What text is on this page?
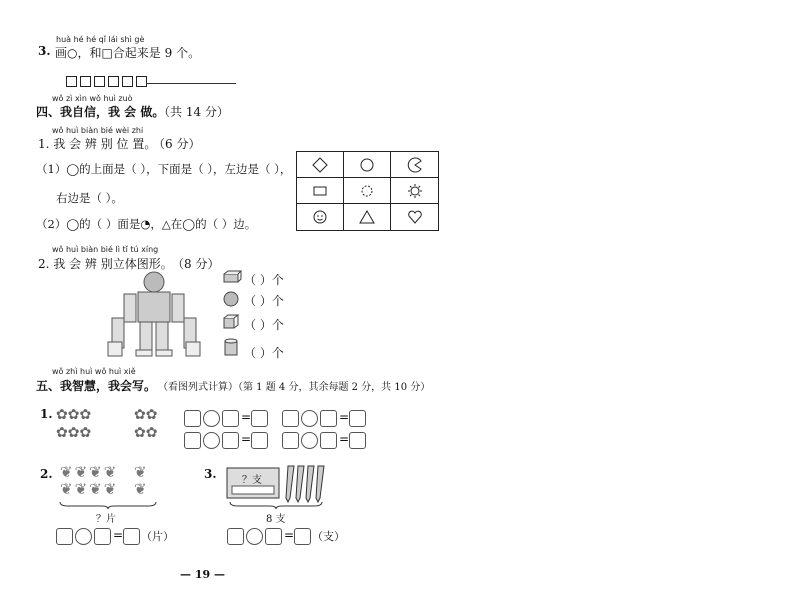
huà hé hé qǐ lái shì gè
3. 画○，和□合起来是 9 个。
wǒ zì xìn wǒ huì zuò
四、我自信，我 会 做。
（共 14 分）
wǒ huì biàn bié wèi zhi
1. 我 会 辨 别 位 置。
（6 分）
（1）◯的上面是（ ），下面是（ ），左边是（ ），
右边是（ ）。
（2）◯的（ ）面是◔，△在◯的（ ）边。
wǒ huì biàn bié lì tǐ tú xíng
2. 我 会 辨 别立体图形。 （8 分）
（ ）个
（ ）个
（ ）个
（ ）个
wǒ zhì huì wǒ huì xiě
五、我智慧，我会写。 （看图列式计算）（第 1 题 4 分，其余每题 2 分，共 10 分）
1. ✿✿✿
✿✿✿
✿✿
✿✿
=
=
=
=
2. ❦❦❦❦
❦❦❦❦
❦
❦
？片
= （片）
3.	？支
8 支
= （支）
— 19 —
